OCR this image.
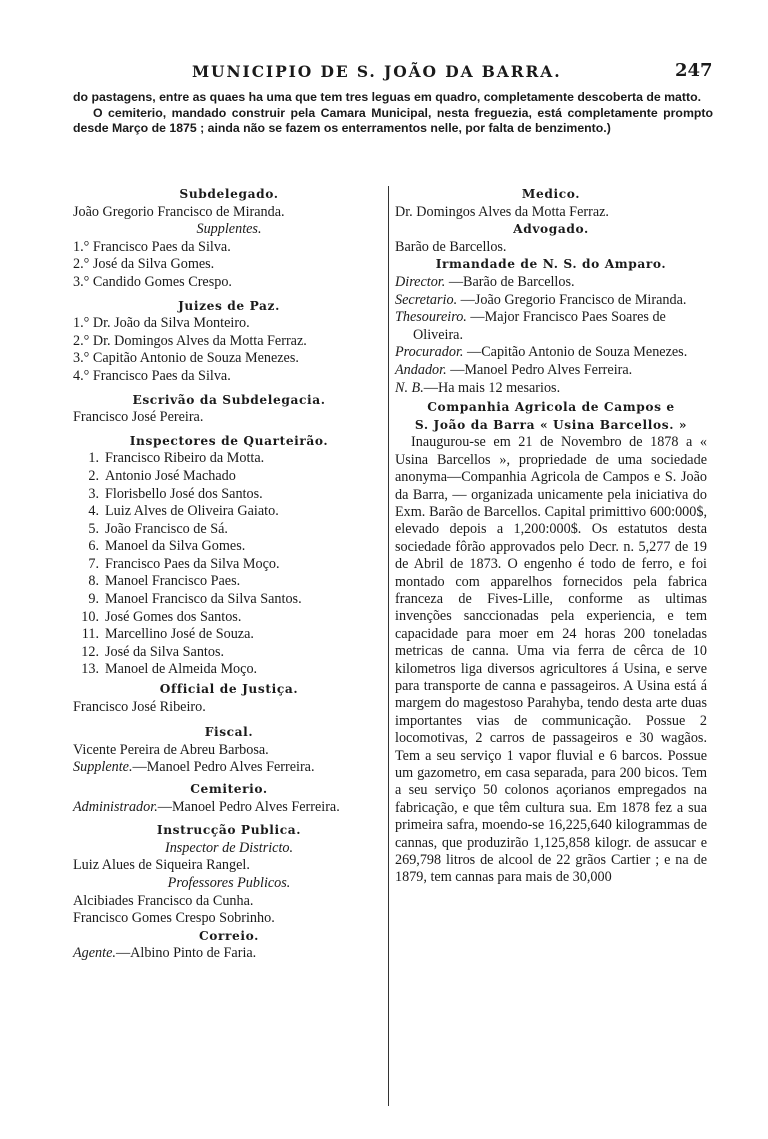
MUNICIPIO DE S. JOÃO DA BARRA.	247

do pastagens, entre as quaes ha uma que tem tres leguas em quadro, completamente descoberta de matto.

O cemiterio, mandado construir pela Camara Municipal, nesta freguezia, está completamente prompto desde Março de 1875 ; ainda não se fazem os enterramentos nelle, por falta de benzimento.)

Subdelegado.
João Gregorio Francisco de Miranda.
Supplentes.
1.° Francisco Paes da Silva.
2.° José da Silva Gomes.
3.° Candido Gomes Crespo.
Juizes de Paz.
1.° Dr. João da Silva Monteiro.
2.° Dr. Domingos Alves da Motta Ferraz.
3.° Capitão Antonio de Souza Menezes.
4.° Francisco Paes da Silva.
Escrivão da Subdelegacia.
Francisco José Pereira.
Inspectores de Quarteirão.
1. Francisco Ribeiro da Motta.
2. Antonio José Machado
3. Florisbello José dos Santos.
4. Luiz Alves de Oliveira Gaiato.
5. João Francisco de Sá.
6. Manoel da Silva Gomes.
7. Francisco Paes da Silva Moço.
8. Manoel Francisco Paes.
9. Manoel Francisco da Silva Santos.
10. José Gomes dos Santos.
11. Marcellino José de Souza.
12. José da Silva Santos.
13. Manoel de Almeida Moço.
Official de Justiça.
Francisco José Ribeiro.
Fiscal.
Vicente Pereira de Abreu Barbosa.
Supplente.—Manoel Pedro Alves Ferreira.
Cemiterio.
Administrador.—Manoel Pedro Alves Ferreira.
Instrucção Publica.
Inspector de Districto.
Luiz Alues de Siqueira Rangel.
Professores Publicos.
Alcibiades Francisco da Cunha.
Francisco Gomes Crespo Sobrinho.
Correio.
Agente.—Albino Pinto de Faria.
Medico.
Dr. Domingos Alves da Motta Ferraz.
Advogado.
Barão de Barcellos.
Irmandade de N. S. do Amparo.
Director. —Barão de Barcellos.
Secretario. —João Gregorio Francisco de Miranda.
Thesoureiro. —Major Francisco Paes Soares de Oliveira.
Procurador. —Capitão Antonio de Souza Menezes.
Andador. —Manoel Pedro Alves Ferreira.
N. B.—Ha mais 12 mesarios.
Companhia Agricola de Campos e
S. João da Barra « Usina Barcellos. »
Inaugurou-se em 21 de Novembro de 1878 a « Usina Barcellos », propriedade de uma sociedade anonyma—Companhia Agricola de Campos e S. João da Barra, — organizada unicamente pela iniciativa do Exm. Barão de Barcellos. Capital primittivo 600:000$, elevado depois a 1,200:000$. Os estatutos desta sociedade fôrão approvados pelo Decr. n. 5,277 de 19 de Abril de 1873. O engenho é todo de ferro, e foi montado com apparelhos fornecidos pela fabrica franceza de Fives-Lille, conforme as ultimas invenções sanccionadas pela experiencia, e tem capacidade para moer em 24 horas 200 toneladas metricas de canna. Uma via ferra de cêrca de 10 kilometros liga diversos agricultores á Usina, e serve para transporte de canna e passageiros. A Usina está á margem do magestoso Parahyba, tendo desta arte duas importantes vias de communicação. Possue 2 locomotivas, 2 carros de passageiros e 30 wagãos. Tem a seu serviço 1 vapor fluvial e 6 barcos. Possue um gazometro, em casa separada, para 200 bicos. Tem a seu serviço 50 colonos açorianos empregados na fabricação, e que têm cultura sua. Em 1878 fez a sua primeira safra, moendo-se 16,225,640 kilogrammas de cannas, que produzirão 1,125,858 kilogr. de assucar e 269,798 litros de alcool de 22 grãos Cartier ; e na de 1879, tem cannas para mais de 30,000
